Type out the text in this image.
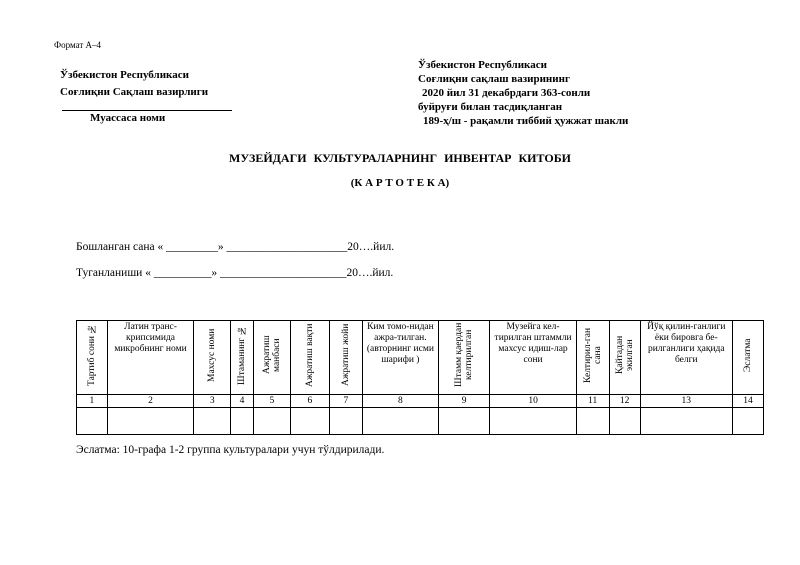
Формат А–4
Ўзбекистон Республикаси
Соғлиқни Сақлаш вазирлиги
Муассаса номи
Ўзбекистон Республикаси
Соғлиқни сақлаш вазирининг
2020 йил 31 декабрдаги 363-сонли
буйруғи билан тасдиқланган
189-ҳ/ш - рақамли тиббий ҳужжат шакли
МУЗЕЙДАГИ КУЛЬТУРАЛАРНИНГ ИНВЕНТАР КИТОБИ
(К А Р Т О Т Е К А)
Бошланган сана « _________» _____________________20….йил.
Туганланиши « __________» ______________________20….йил.
Тартиб сони №	Латин транс-крипсимида микробнинг номи	Махсус номи	Штаманинг №	Ажратиш манбаси	Ажратиш вақти	Ажратиш жойи	Ким томо-нидан ажра-тилган. (авторнинг исми шарифи )	Штамм қаердан келтирилган	Музейга кел-тирилган штаммли махсус идиш-лар сони	Келтирил-ган сана	Қайтадан экилган	Йўқ қилин-ганлиги ёки бировга бе-рилганлиги ҳақида белги	Эслатма
1	2	3	4	5	6	7	8	9	10	11	12	13	14

Эслатма: 10-графа 1-2 группа культуралари учун тўлдирилади.
